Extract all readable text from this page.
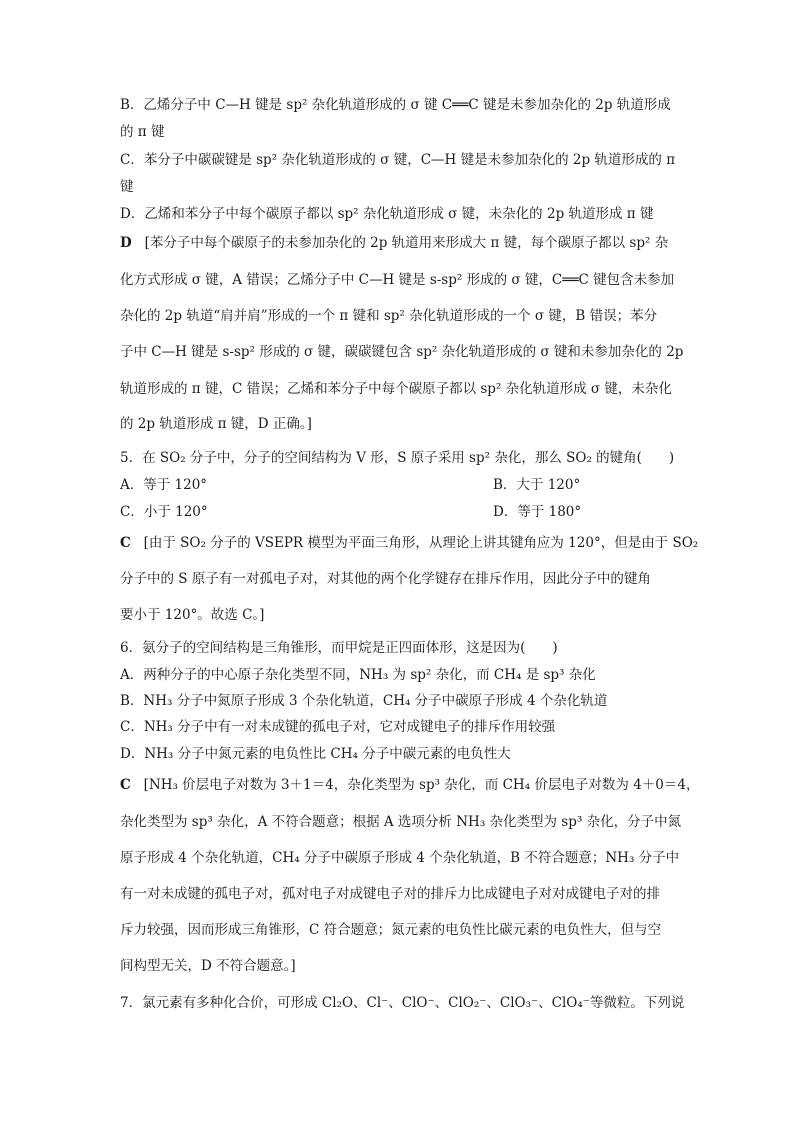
B．乙烯分子中 C—H 键是 sp² 杂化轨道形成的 σ 键 C══C 键是未参加杂化的 2p 轨道形成
的 π 键
C．苯分子中碳碳键是 sp² 杂化轨道形成的 σ 键，C—H 键是未参加杂化的 2p 轨道形成的 π
键
D．乙烯和苯分子中每个碳原子都以 sp² 杂化轨道形成 σ 键，未杂化的 2p 轨道形成 π 键
D [苯分子中每个碳原子的未参加杂化的 2p 轨道用来形成大 π 键，每个碳原子都以 sp² 杂
化方式形成 σ 键，A 错误；乙烯分子中 C—H 键是 s-sp² 形成的 σ 键，C══C 键包含未参加
杂化的 2p 轨道“肩并肩”形成的一个 π 键和 sp² 杂化轨道形成的一个 σ 键，B 错误；苯分
子中 C—H 键是 s-sp² 形成的 σ 键，碳碳键包含 sp² 杂化轨道形成的 σ 键和未参加杂化的 2p
轨道形成的 π 键，C 错误；乙烯和苯分子中每个碳原子都以 sp² 杂化轨道形成 σ 键，未杂化
的 2p 轨道形成 π 键，D 正确。]
5．在 SO₂ 分子中，分子的空间结构为 V 形，S 原子采用 sp² 杂化，那么 SO₂ 的键角(　　)
A．等于 120°	B．大于 120°
C．小于 120°	D．等于 180°
C [由于 SO₂ 分子的 VSEPR 模型为平面三角形，从理论上讲其键角应为 120°，但是由于 SO₂
分子中的 S 原子有一对孤电子对，对其他的两个化学键存在排斥作用，因此分子中的键角
要小于 120°。故选 C。]
6．氨分子的空间结构是三角锥形，而甲烷是正四面体形，这是因为(　　)
A．两种分子的中心原子杂化类型不同，NH₃ 为 sp² 杂化，而 CH₄ 是 sp³ 杂化
B．NH₃ 分子中氮原子形成 3 个杂化轨道，CH₄ 分子中碳原子形成 4 个杂化轨道
C．NH₃ 分子中有一对未成键的孤电子对，它对成键电子的排斥作用较强
D．NH₃ 分子中氮元素的电负性比 CH₄ 分子中碳元素的电负性大
C [NH₃ 价层电子对数为 3＋1＝4，杂化类型为 sp³ 杂化，而 CH₄ 价层电子对数为 4＋0＝4，
杂化类型为 sp³ 杂化，A 不符合题意；根据 A 选项分析 NH₃ 杂化类型为 sp³ 杂化，分子中氮
原子形成 4 个杂化轨道，CH₄ 分子中碳原子形成 4 个杂化轨道，B 不符合题意；NH₃ 分子中
有一对未成键的孤电子对，孤对电子对成键电子对的排斥力比成键电子对对成键电子对的排
斥力较强，因而形成三角锥形，C 符合题意；氮元素的电负性比碳元素的电负性大，但与空
间构型无关，D 不符合题意。]
7．氯元素有多种化合价，可形成 Cl₂O、Cl⁻、ClO⁻、ClO₂⁻、ClO₃⁻、ClO₄⁻等微粒。下列说
